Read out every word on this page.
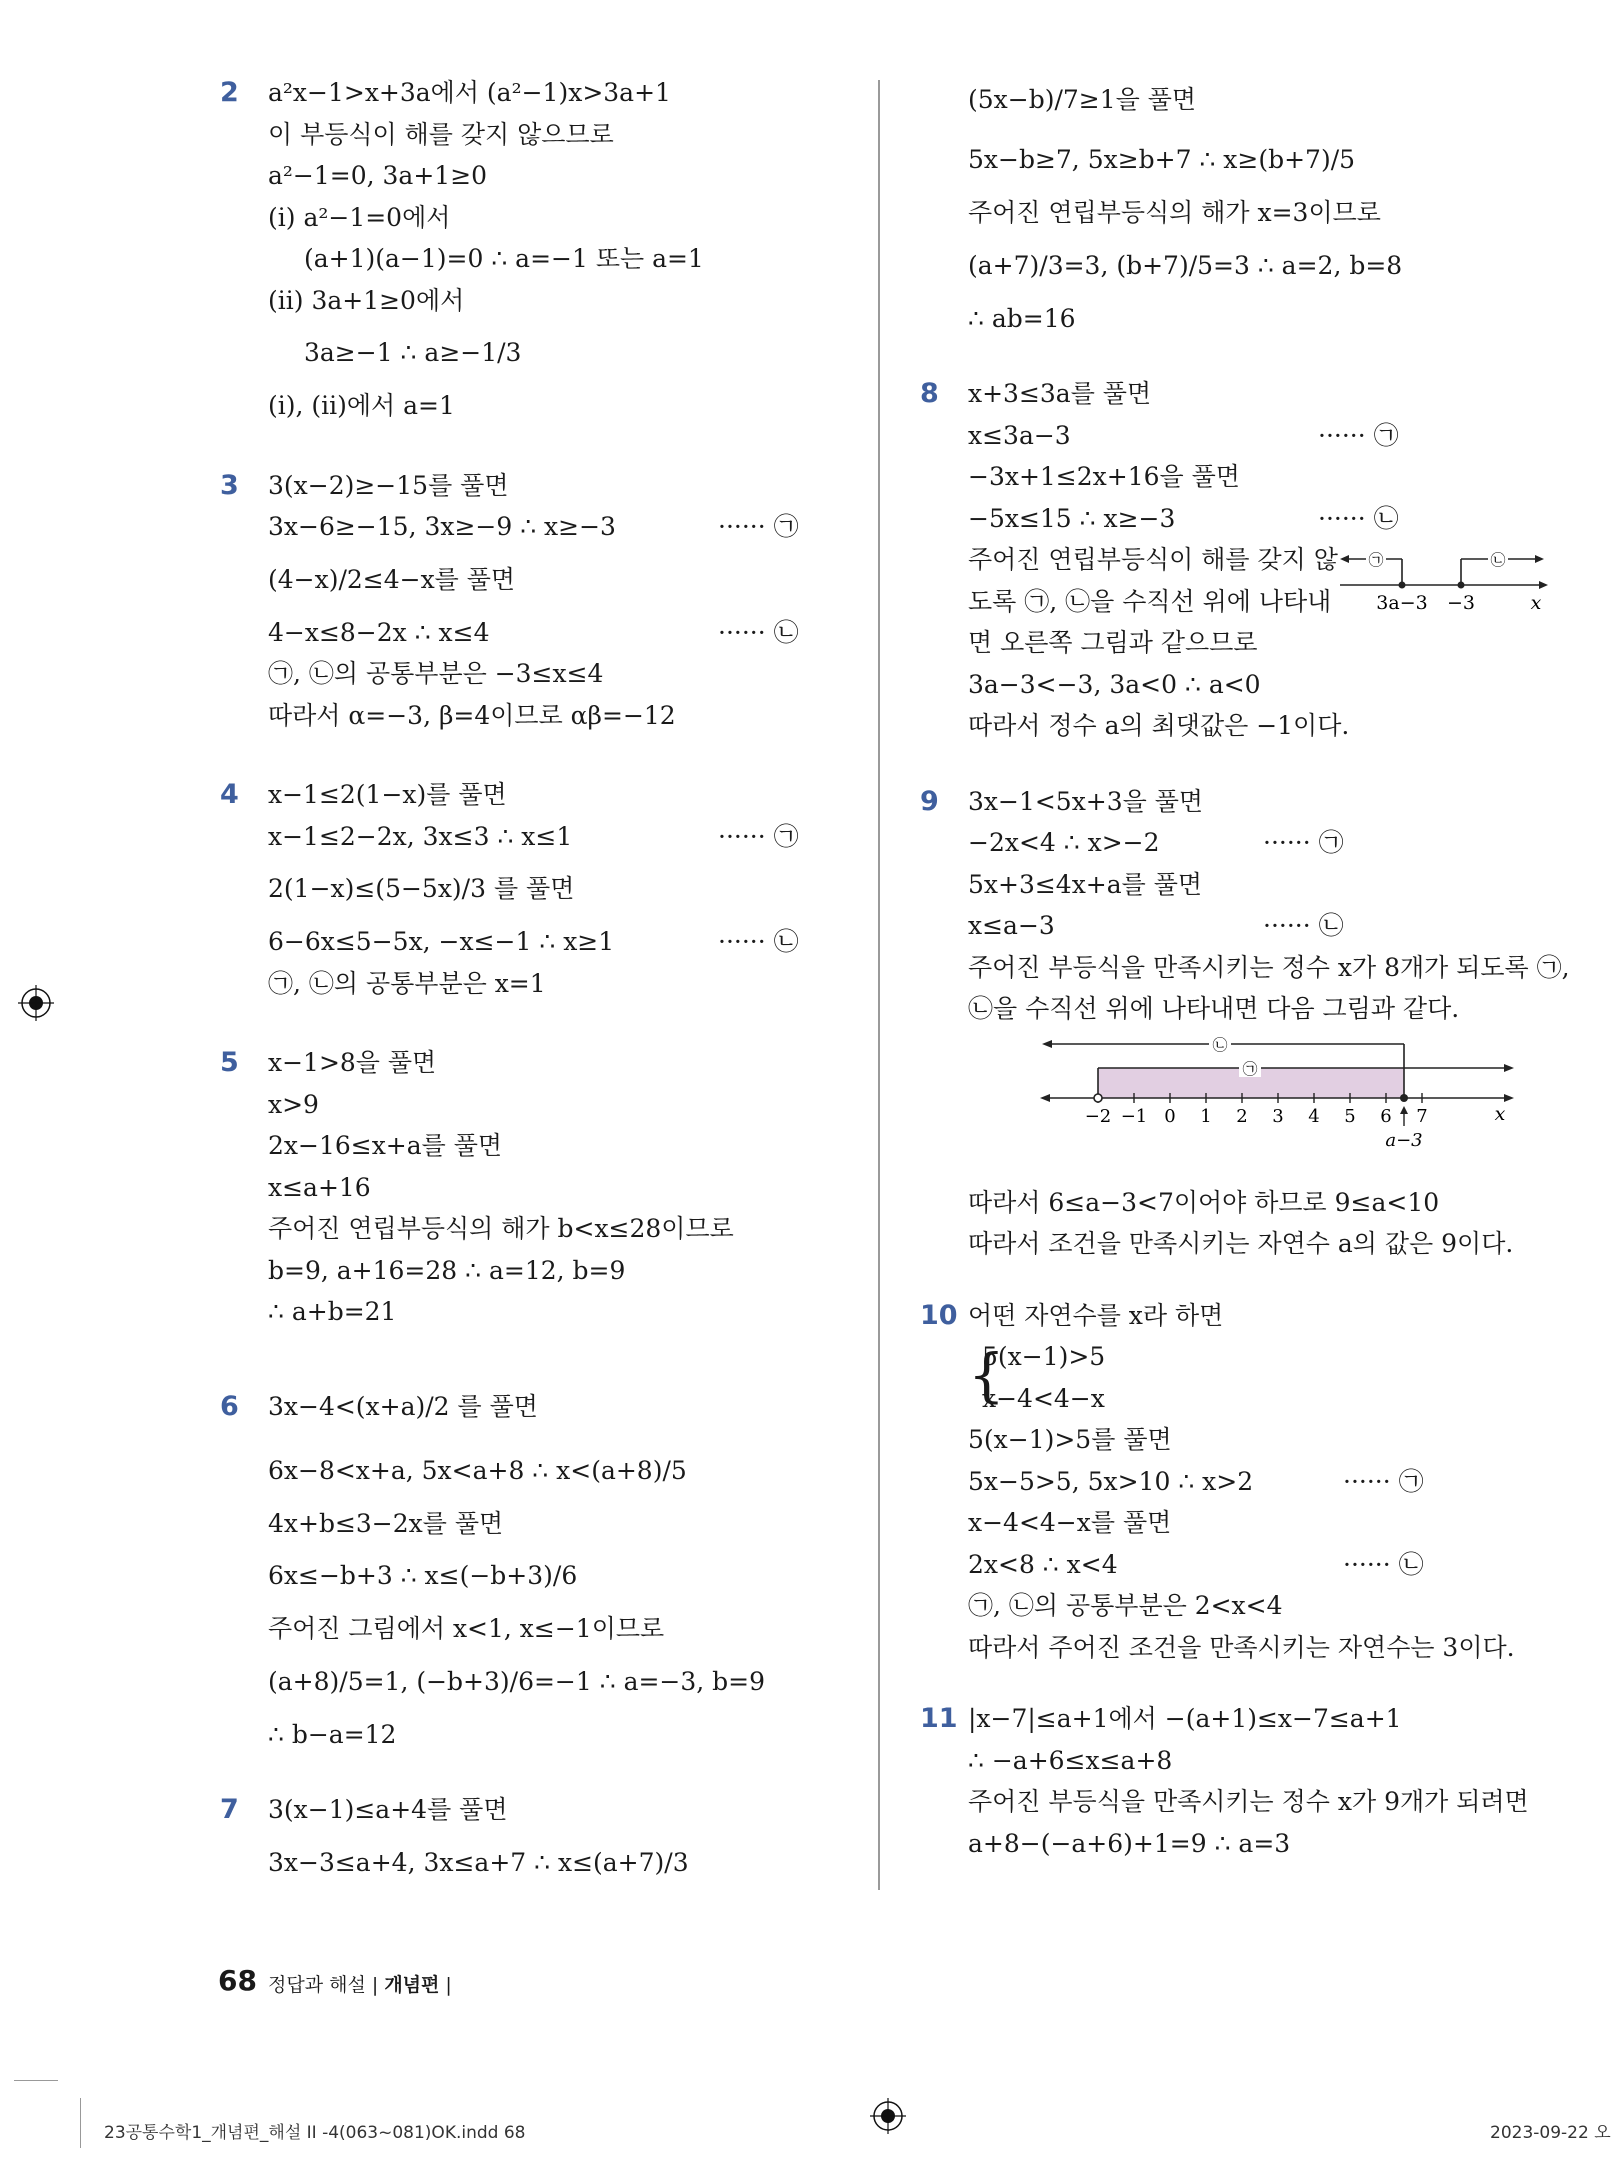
2 a²x−1>x+3a에서 (a²−1)x>3a+1
이 부등식이 해를 갖지 않으므로
a²−1=0, 3a+1≥0
(ⅰ) a²−1=0에서
(a+1)(a−1)=0 ∴ a=−1 또는 a=1
(ⅱ) 3a+1≥0에서
3a≥−1 ∴ a≥−1/3
(ⅰ), (ⅱ)에서 a=1
3 3(x−2)≥−15를 풀면
3x−6≥−15, 3x≥−9 ∴ x≥−3	······ ㉠
(4−x)/2≤4−x를 풀면
4−x≤8−2x ∴ x≤4	······ ㉡
㉠, ㉡의 공통부분은 −3≤x≤4
따라서 α=−3, β=4이므로 αβ=−12
4 x−1≤2(1−x)를 풀면
x−1≤2−2x, 3x≤3 ∴ x≤1	······ ㉠
2(1−x)≤(5−5x)/3 를 풀면
6−6x≤5−5x, −x≤−1 ∴ x≥1	······ ㉡
㉠, ㉡의 공통부분은 x=1
5 x−1>8을 풀면
x>9
2x−16≤x+a를 풀면
x≤a+16
주어진 연립부등식의 해가 b<x≤28이므로
b=9, a+16=28 ∴ a=12, b=9
∴ a+b=21
6 3x−4<(x+a)/2 를 풀면
6x−8<x+a, 5x<a+8 ∴ x<(a+8)/5
4x+b≤3−2x를 풀면
6x≤−b+3 ∴ x≤(−b+3)/6
주어진 그림에서 x<1, x≤−1이므로
(a+8)/5=1, (−b+3)/6=−1 ∴ a=−3, b=9
∴ b−a=12
7 3(x−1)≤a+4를 풀면
3x−3≤a+4, 3x≤a+7 ∴ x≤(a+7)/3
(5x−b)/7≥1을 풀면
5x−b≥7, 5x≥b+7 ∴ x≥(b+7)/5
주어진 연립부등식의 해가 x=3이므로
(a+7)/3=3, (b+7)/5=3 ∴ a=2, b=8
∴ ab=16
8 x+3≤3a를 풀면
x≤3a−3	······ ㉠
−3x+1≤2x+16을 풀면
−5x≤15 ∴ x≥−3	······ ㉡
주어진 연립부등식이 해를 갖지 않
도록 ㉠, ㉡을 수직선 위에 나타내
면 오른쪽 그림과 같으므로
㉠	㉡
3a−3 −3	x
3a−3<−3, 3a<0 ∴ a<0
따라서 정수 a의 최댓값은 −1이다.
9 3x−1<5x+3을 풀면
−2x<4 ∴ x>−2	······ ㉠
5x+3≤4x+a를 풀면
x≤a−3	······ ㉡
주어진 부등식을 만족시키는 정수 x가 8개가 되도록 ㉠,
㉡을 수직선 위에 나타내면 다음 그림과 같다.
㉡
㉠
−2 −1 0 1 2 3 4 5 6 7
a−3
x
따라서 6≤a−3<7이어야 하므로 9≤a<10
따라서 조건을 만족시키는 자연수 a의 값은 9이다.
10 어떤 자연수를 x라 하면
{
5(x−1)>5
x−4<4−x
5(x−1)>5를 풀면
5x−5>5, 5x>10 ∴ x>2	······ ㉠
x−4<4−x를 풀면
2x<8 ∴ x<4	······ ㉡
㉠, ㉡의 공통부분은 2<x<4
따라서 주어진 조건을 만족시키는 자연수는 3이다.
11 |x−7|≤a+1에서 −(a+1)≤x−7≤a+1
∴ −a+6≤x≤a+8
주어진 부등식을 만족시키는 정수 x가 9개가 되려면
a+8−(−a+6)+1=9 ∴ a=3
68 정답과 해설 | 개념편 |
23공통수학1_개념편_해설 II -4(063~081)OK.indd 68	2023-09-22 오
